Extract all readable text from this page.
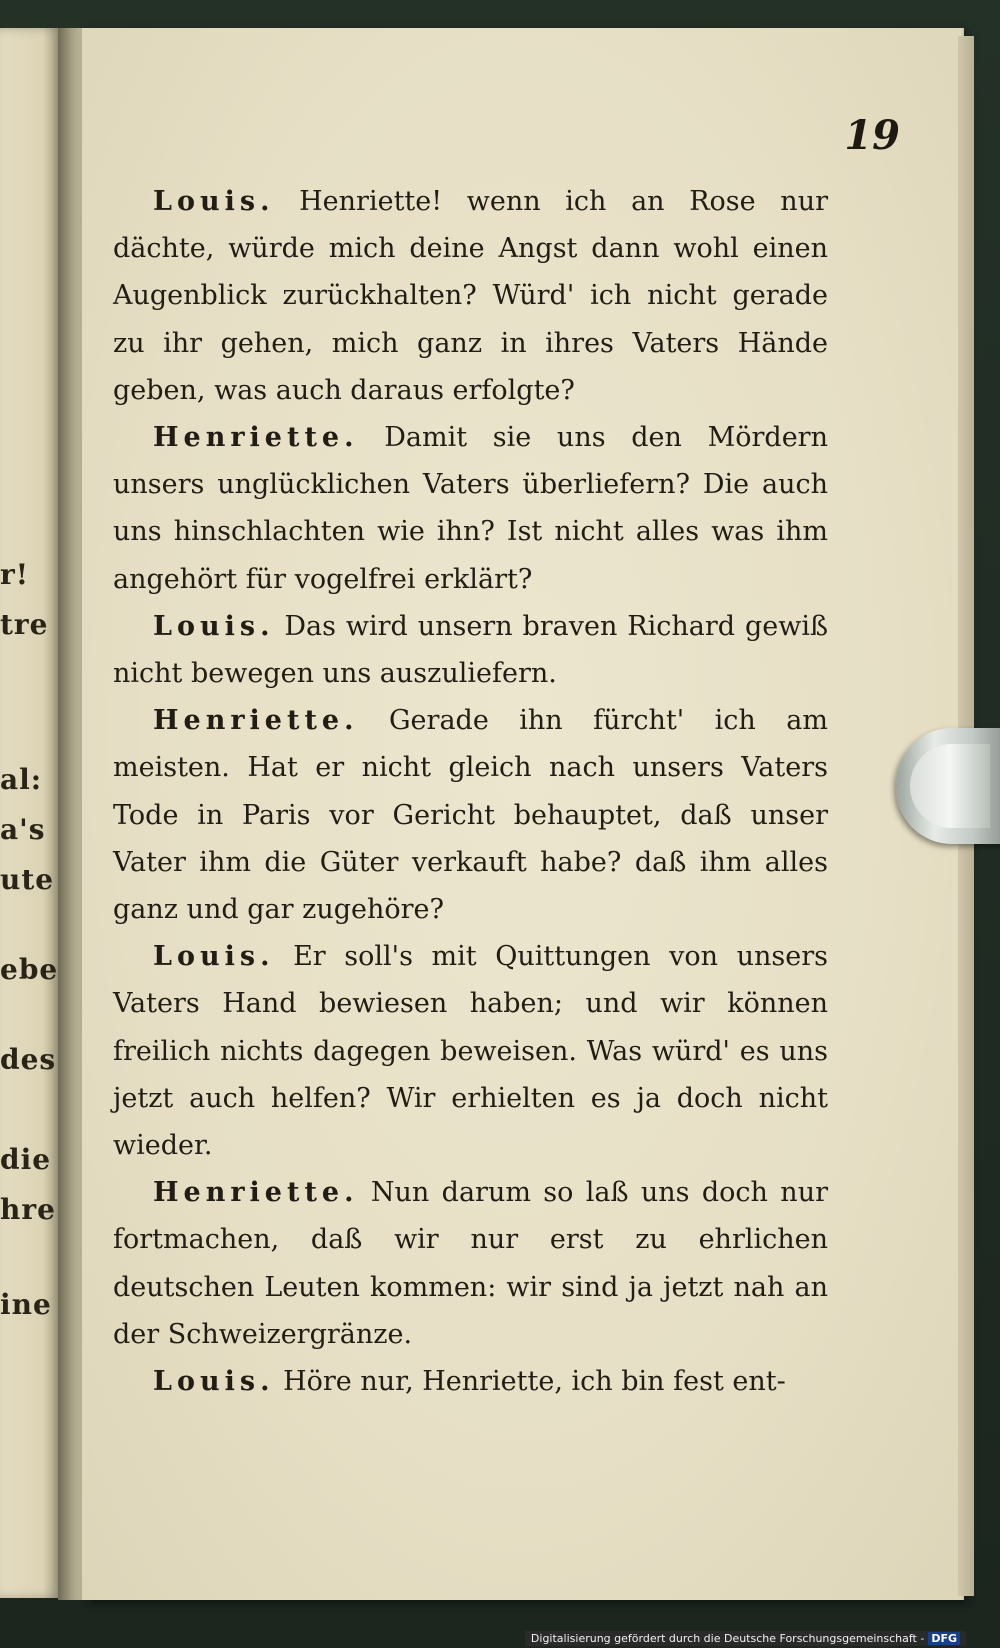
r!
tre
al:
a's
ute
ebe
des
die
hre
ine
19

Louis. Henriette! wenn ich an Rose nur dächte, würde mich deine Angst dann wohl einen Augenblick zurückhalten? Würd' ich nicht gerade zu ihr gehen, mich ganz in ihres Vaters Hände geben, was auch daraus erfolgte?

Henriette. Damit sie uns den Mördern unsers unglücklichen Vaters überliefern? Die auch uns hinschlachten wie ihn? Ist nicht alles was ihm angehört für vogelfrei erklärt?

Louis. Das wird unsern braven Richard gewiß nicht bewegen uns auszuliefern.

Henriette. Gerade ihn fürcht' ich am meisten. Hat er nicht gleich nach unsers Vaters Tode in Paris vor Gericht behauptet, daß unser Vater ihm die Güter verkauft habe? daß ihm alles ganz und gar zugehöre?

Louis. Er soll's mit Quittungen von unsers Vaters Hand bewiesen haben; und wir können freilich nichts dagegen beweisen. Was würd' es uns jetzt auch helfen? Wir erhielten es ja doch nicht wieder.

Henriette. Nun darum so laß uns doch nur fortmachen, daß wir nur erst zu ehrlichen deutschen Leuten kommen: wir sind ja jetzt nah an der Schweizergränze.

Louis. Höre nur, Henriette, ich bin fest ent-

Digitalisierung gefördert durch die Deutsche Forschungsgemeinschaft - DFG
